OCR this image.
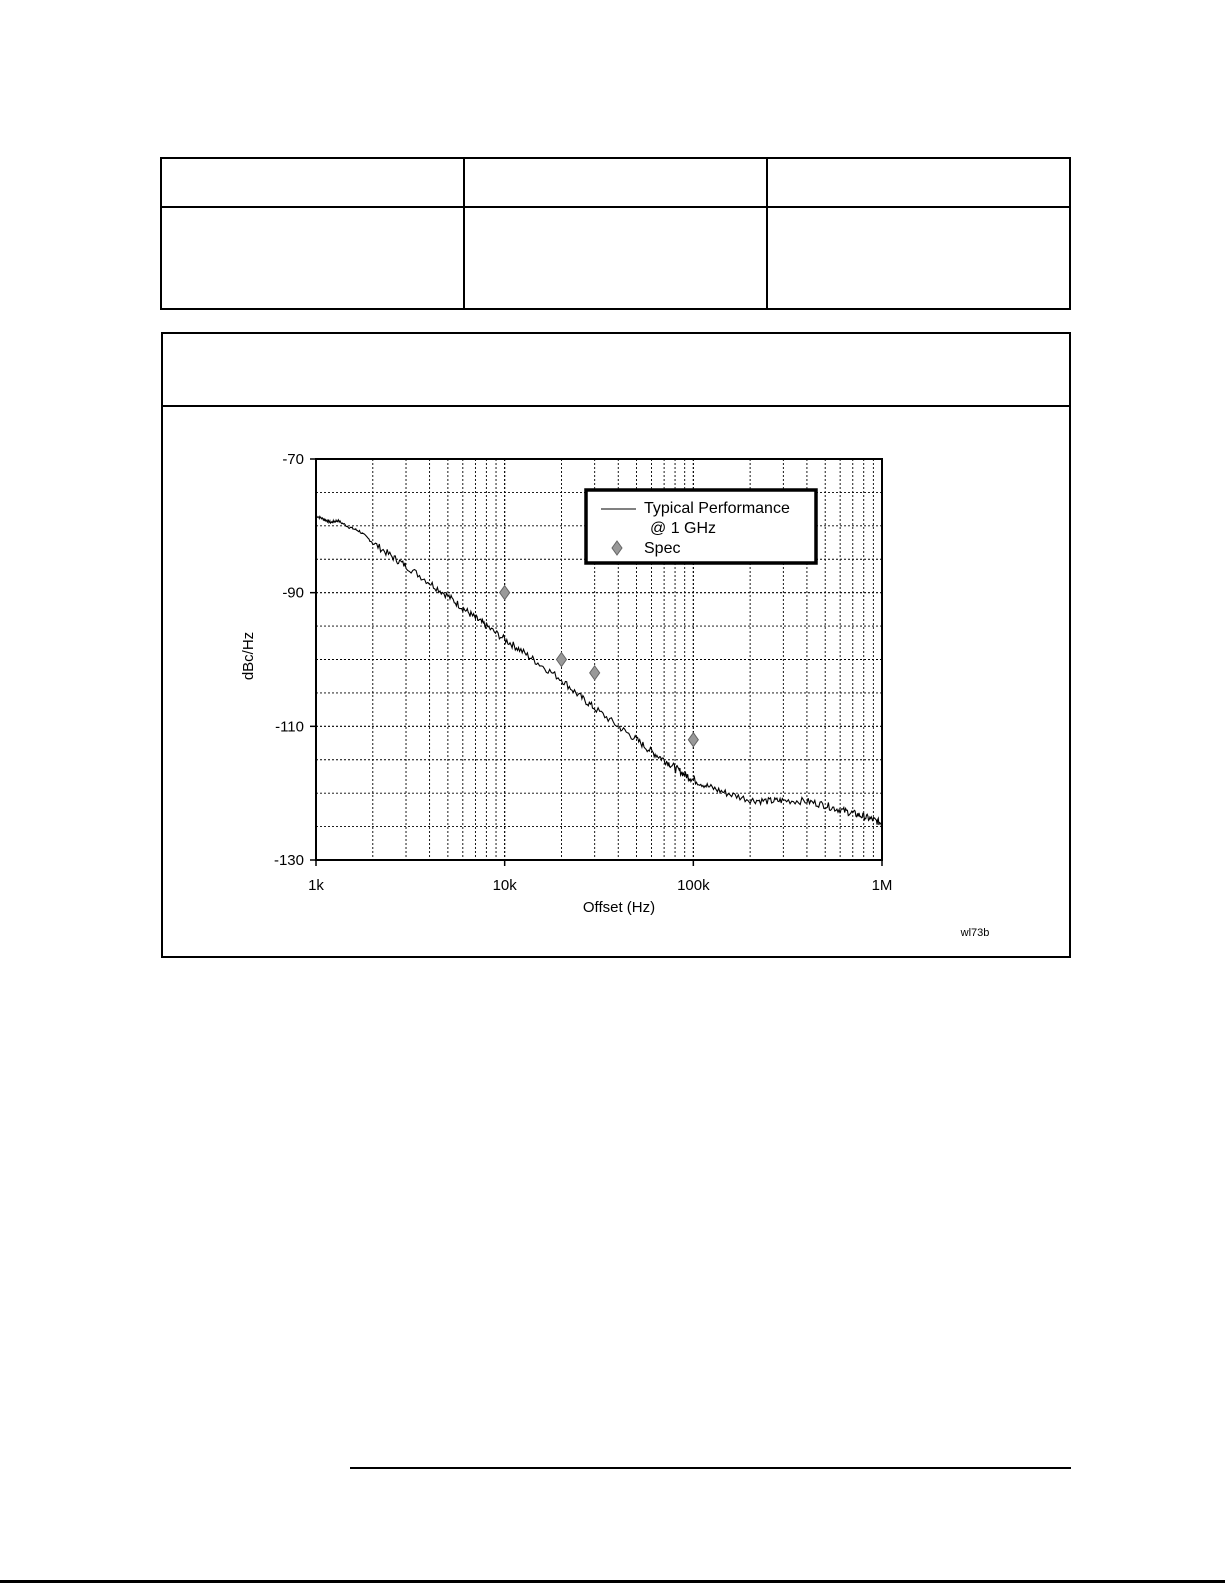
1k	10k	100k	1M
-70
-90
-110
-130
Offset (Hz)
dBc/Hz
Typical Performance
@ 1 GHz
Spec
wl73b
